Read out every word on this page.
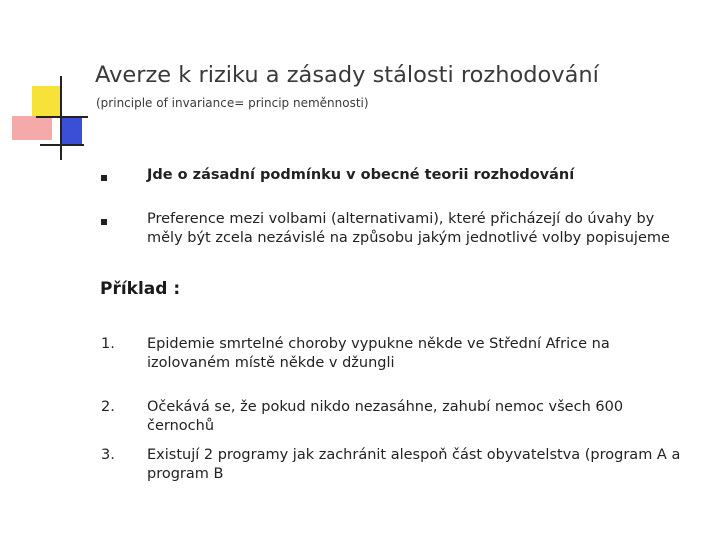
Averze k riziku a zásady stálosti rozhodování
(principle of invariance= princip neměnnosti)
Jde o zásadní podmínku v obecné teorii rozhodování
Preference mezi volbami (alternativami), které přicházejí do úvahy by měly být zcela nezávislé na způsobu jakým jednotlivé volby popisujeme
Příklad :
1. Epidemie smrtelné choroby vypukne někde ve Střední Africe na izolovaném místě někde v džungli
2. Očekává se, že pokud nikdo nezasáhne, zahubí nemoc všech 600 černochů
3. Existují 2 programy jak zachránit alespoň část obyvatelstva (program A a program B
